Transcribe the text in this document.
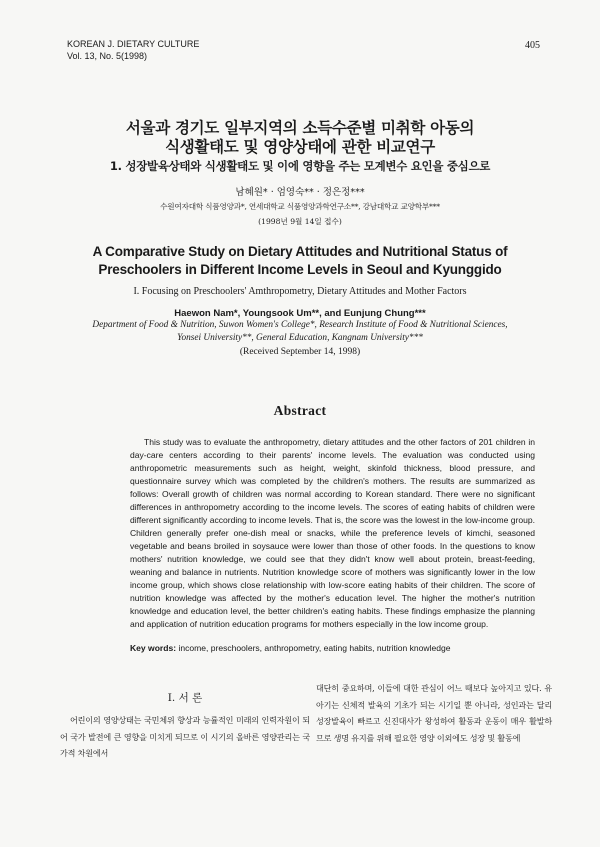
KOREAN J. DIETARY CULTURE
Vol. 13, No. 5(1998)
405
서울과 경기도 일부지역의 소득수준별 미취학 아동의
식생활태도 및 영양상태에 관한 비교연구
1. 성장발육상태와 식생활태도 및 이에 영향을 주는 모계변수 요인을 중심으로
남혜원* · 엄영숙** · 정은정***
수원여자대학 식품영양과*, 연세대학교 식품영양과학연구소**, 강남대학교 교양학부***
(1998년 9월 14일 접수)
A Comparative Study on Dietary Attitudes and Nutritional Status of
Preschoolers in Different Income Levels in Seoul and Kyunggido
I. Focusing on Preschoolers' Amthropometry, Dietary Attitudes and Mother Factors
Haewon Nam*, Youngsook Um**, and Eunjung Chung***
Department of Food & Nutrition, Suwon Women's College*, Research Institute of Food & Nutritional Sciences,
Yonsei University**, General Education, Kangnam University***
(Received September 14, 1998)
Abstract
This study was to evaluate the anthropometry, dietary attitudes and the other factors of 201 children in day-care centers according to their parents' income levels. The evaluation was conducted using anthropometric measurements such as height, weight, skinfold thickness, blood pressure, and questionnaire survey which was completed by the children's mothers. The results are summarized as follows: Overall growth of children was normal according to Korean standard. There were no significant differences in anthropometry according to the income levels. The scores of eating habits of children were different significantly according to income levels. That is, the score was the lowest in the low-income group. Children generally prefer one-dish meal or snacks, while the preference levels of kimchi, seasoned vegetable and beans broiled in soysauce were lower than those of other foods. In the questions to know mothers' nutrition knowledge, we could see that they didn't know well about protein, breast-feeding, weaning and balance in nutrients. Nutrition knowledge score of mothers was significantly lower in the low income group, which shows close relationship with low-score eating habits of their children. The score of nutrition knowledge was affected by the mother's education level. The higher the mother's nutrition knowledge and education level, the better children's eating habits. These findings emphasize the planning and application of nutrition education programs for mothers especially in the low income group.
Key words: income, preschoolers, anthropometry, eating habits, nutrition knowledge
I. 서 론
어린이의 영양상태는 국민체위 향상과 능률적인 미래의 인력자원이 되어 국가 발전에 큰 영향을 미치게 되므로 이 시기의 올바른 영양관리는 국가적 차원에서
대단히 중요하며, 이들에 대한 관심이 어느 때보다 높아지고 있다. 유아기는 신체적 발육의 기초가 되는 시기일 뿐 아니라, 성인과는 달리 성장발육이 빠르고 신진대사가 왕성하여 활동과 운동이 매우 활발하므로 생명 유지를 위해 필요한 영양 이외에도 성장 및 활동에
